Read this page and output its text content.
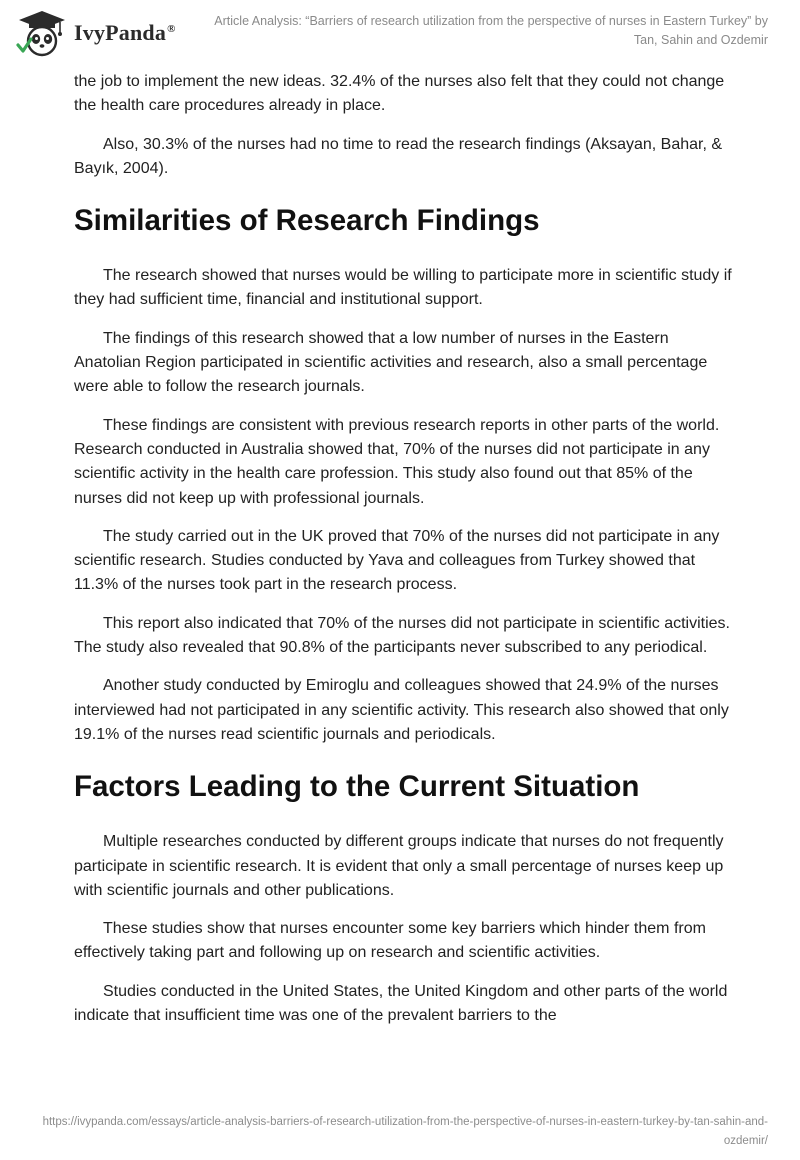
IvyPanda®
Article Analysis: “Barriers of research utilization from the perspective of nurses in Eastern Turkey” by Tan, Sahin and Ozdemir

the job to implement the new ideas. 32.4% of the nurses also felt that they could not change the health care procedures already in place.

Also, 30.3% of the nurses had no time to read the research findings (Aksayan, Bahar, & Bayık, 2004).

Similarities of Research Findings

The research showed that nurses would be willing to participate more in scientific study if they had sufficient time, financial and institutional support.

The findings of this research showed that a low number of nurses in the Eastern Anatolian Region participated in scientific activities and research, also a small percentage were able to follow the research journals.

These findings are consistent with previous research reports in other parts of the world. Research conducted in Australia showed that, 70% of the nurses did not participate in any scientific activity in the health care profession. This study also found out that 85% of the nurses did not keep up with professional journals.

The study carried out in the UK proved that 70% of the nurses did not participate in any scientific research. Studies conducted by Yava and colleagues from Turkey showed that 11.3% of the nurses took part in the research process.

This report also indicated that 70% of the nurses did not participate in scientific activities. The study also revealed that 90.8% of the participants never subscribed to any periodical.

Another study conducted by Emiroglu and colleagues showed that 24.9% of the nurses interviewed had not participated in any scientific activity. This research also showed that only 19.1% of the nurses read scientific journals and periodicals.

Factors Leading to the Current Situation

Multiple researches conducted by different groups indicate that nurses do not frequently participate in scientific research. It is evident that only a small percentage of nurses keep up with scientific journals and other publications.

These studies show that nurses encounter some key barriers which hinder them from effectively taking part and following up on research and scientific activities.

Studies conducted in the United States, the United Kingdom and other parts of the world indicate that insufficient time was one of the prevalent barriers to the

https://ivypanda.com/essays/article-analysis-barriers-of-research-utilization-from-the-perspective-of-nurses-in-eastern-turkey-by-tan-sahin-and-ozdemir/
